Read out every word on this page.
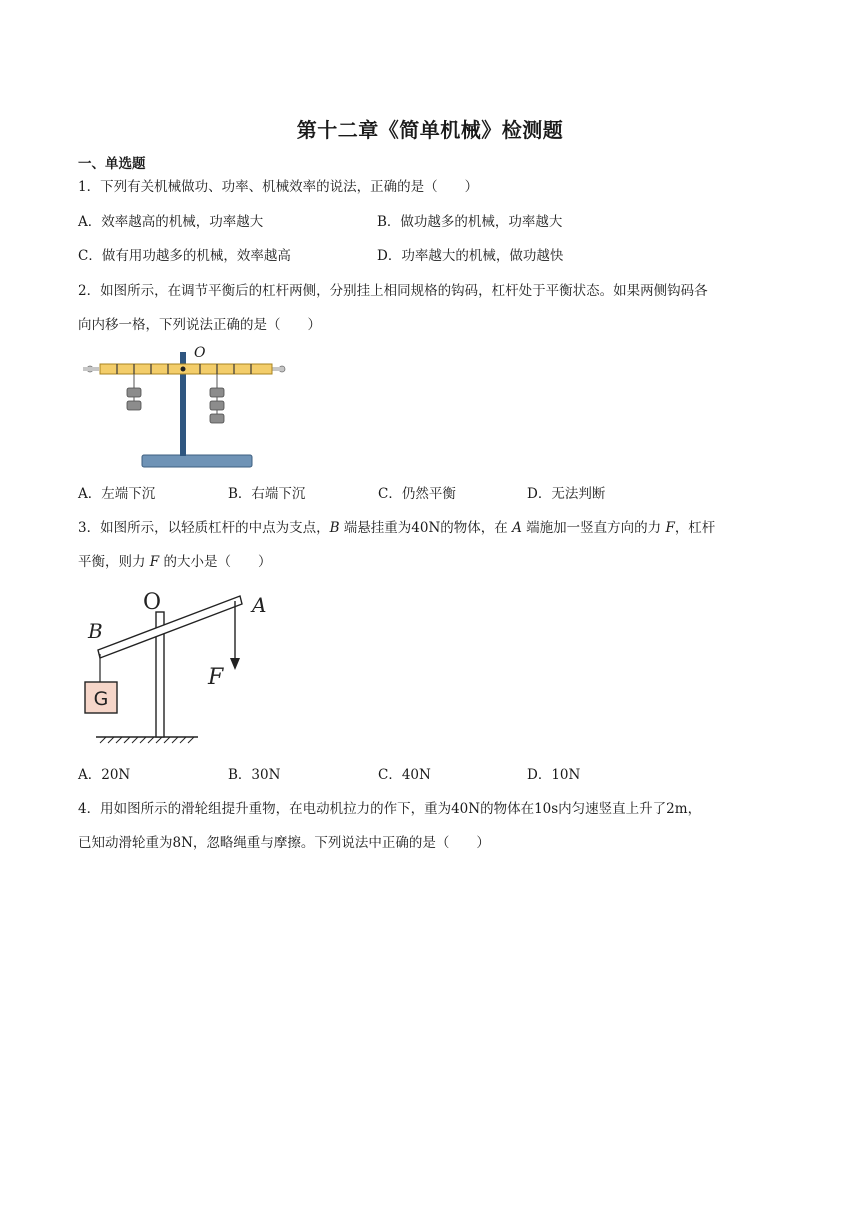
第十二章《简单机械》检测题
一、单选题
1．下列有关机械做功、功率、机械效率的说法，正确的是（　　）
A．效率越高的机械，功率越大	B．做功越多的机械，功率越大
C．做有用功越多的机械，效率越高	D．功率越大的机械，做功越快
2．如图所示，在调节平衡后的杠杆两侧，分别挂上相同规格的钩码，杠杆处于平衡状态。如果两侧钩码各
向内移一格，下列说法正确的是（　　）
O
A．左端下沉	B．右端下沉	C．仍然平衡	D．无法判断
3．如图所示，以轻质杠杆的中点为支点，B 端悬挂重为40N的物体，在 A 端施加一竖直方向的力 F，杠杆
平衡，则力 F 的大小是（　　）
G
O	A
B
F
A．20N	B．30N	C．40N	D．10N
4．用如图所示的滑轮组提升重物，在电动机拉力的作下，重为40N的物体在10s内匀速竖直上升了2m，
已知动滑轮重为8N，忽略绳重与摩擦。下列说法中正确的是（　　）
